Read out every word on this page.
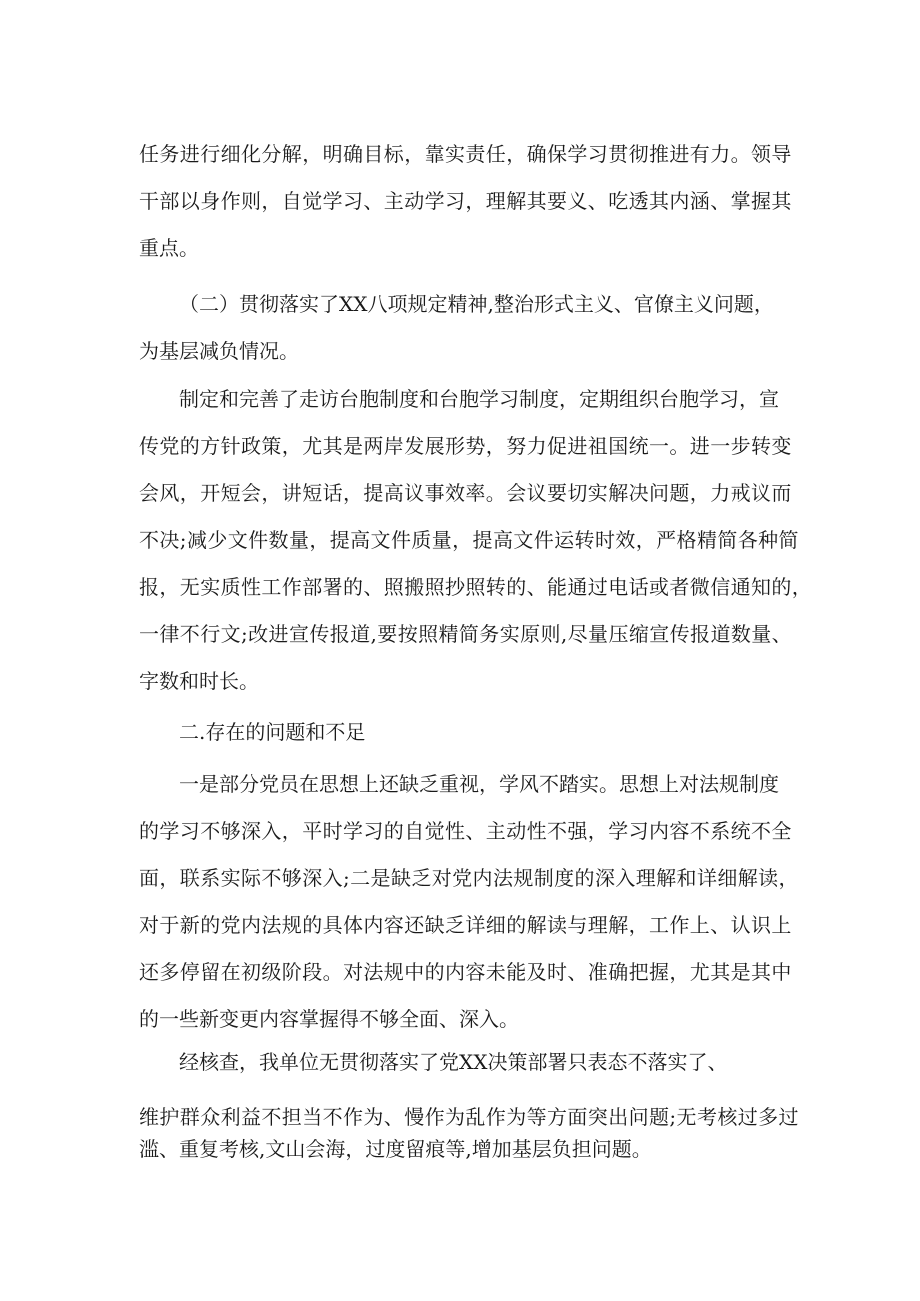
任务进行细化分解，明确目标，靠实责任，确保学习贯彻推进有力。领导
干部以身作则，自觉学习、主动学习，理解其要义、吃透其内涵、掌握其
重点。
（二）贯彻落实了XX八项规定精神,整治形式主义、官僚主义问题，
为基层减负情况。
制定和完善了走访台胞制度和台胞学习制度，定期组织台胞学习，宣
传党的方针政策，尤其是两岸发展形势，努力促进祖国统一。进一步转变
会风，开短会，讲短话，提高议事效率。会议要切实解决问题，力戒议而
不决;减少文件数量，提高文件质量，提高文件运转时效，严格精简各种简
报，无实质性工作部署的、照搬照抄照转的、能通过电话或者微信通知的，
一律不行文;改进宣传报道,要按照精简务实原则,尽量压缩宣传报道数量、
字数和时长。
二.存在的问题和不足
一是部分党员在思想上还缺乏重视，学风不踏实。思想上对法规制度
的学习不够深入，平时学习的自觉性、主动性不强，学习内容不系统不全
面，联系实际不够深入;二是缺乏对党内法规制度的深入理解和详细解读，
对于新的党内法规的具体内容还缺乏详细的解读与理解，工作上、认识上
还多停留在初级阶段。对法规中的内容未能及时、准确把握，尤其是其中
的一些新变更内容掌握得不够全面、深入。
经核查，我单位无贯彻落实了党XX决策部署只表态不落实了、
维护群众利益不担当不作为、慢作为乱作为等方面突出问题;无考核过多过
滥、重复考核,文山会海，过度留痕等,增加基层负担问题。
